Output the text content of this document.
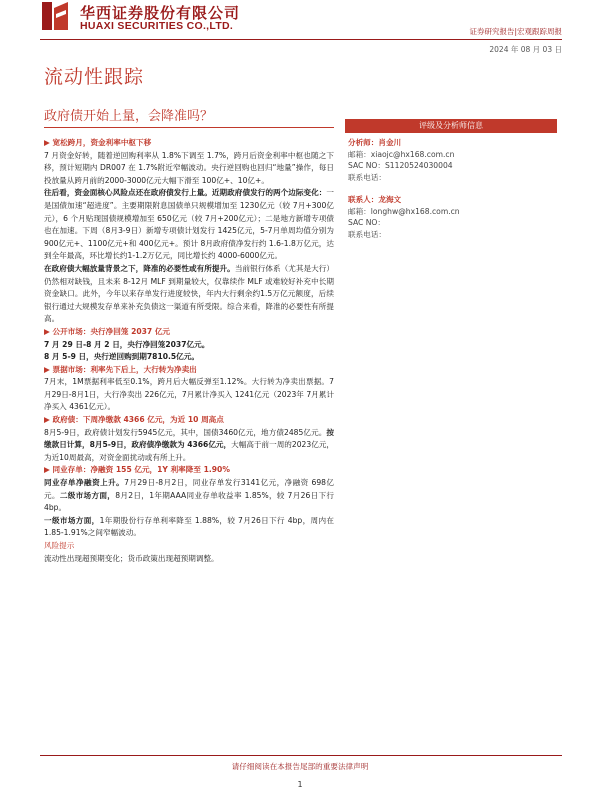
华西证券股份有限公司
HUAXI SECURITIES CO.,LTD.	证券研究报告|宏观跟踪周报
2024 年 08 月 03 日
流动性跟踪
政府债开始上量，会降准吗？

▶ 宽松跨月，资金利率中枢下移

7 月资金好转，随着逆回购利率从 1.8%下调至 1.7%，跨月后资金利率中枢也随之下移，预计短期内 DR007 在 1.7%附近窄幅波动。央行逆回购也回归“地量”操作，每日投放量从跨月前的2000-3000亿元大幅下滑至 100亿+、10亿+。

往后看，资金面核心风险点还在政府债发行上量。近期政府债发行的两个边际变化：一是国债加速“超进度”。主要期限附息国债单只规模增加至 1230亿元（较 7月+300亿元），6 个月贴现国债规模增加至 650亿元（较 7月+200亿元）；二是地方新增专项债也在加速。下周（8月3-9日）新增专项债计划发行 1425亿元，5-7月单周均值分别为 900亿元+、1100亿元+和 400亿元+。预计 8月政府债净发行约 1.6-1.8万亿元，达到全年最高，环比增长约1-1.2万亿元，同比增长约 4000-6000亿元。

在政府债大幅放量背景之下，降准的必要性或有所提升。当前银行体系（尤其是大行）仍然相对缺钱，且未来 8-12月 MLF 到期量较大，仅靠续作 MLF 或难较好补充中长期资金缺口。此外，今年以来存单发行进度较快，年内大行剩余约1.5万亿元额度，后续银行通过大规模发存单来补充负债这一渠道有所受限。综合来看，降准的必要性有所提高。

▶ 公开市场：央行净回笼 2037 亿元

7 月 29 日-8 月 2 日，央行净回笼2037亿元。

8 月 5-9 日，央行逆回购到期7810.5亿元。

▶ 票据市场：利率先下后上，大行转为净卖出

7月末，1M票据利率低至0.1%，跨月后大幅反弹至1.12%。大行转为净卖出票据。7月29日-8月1日，大行净卖出 226亿元，7月累计净买入 1241亿元（2023年 7月累计净买入 4361亿元）。

▶ 政府债：下周净缴款 4366 亿元，为近 10 周高点

8月5-9日，政府债计划发行5945亿元，其中，国债3460亿元，地方债2485亿元。按缴款日计算，8月5-9日，政府债净缴款为 4366亿元，大幅高于前一周的2023亿元，为近10周最高，对资金面扰动或有所上升。

▶ 同业存单：净融资 155 亿元，1Y 利率降至 1.90%

同业存单净融资上升。7月29日-8月2日，同业存单发行3141亿元，净融资 698亿元。二级市场方面，8月2日，1年期AAA同业存单收益率 1.85%，较 7月26日下行 4bp。

一级市场方面，1年期股份行存单利率降至 1.88%，较 7月26日下行 4bp，周内在 1.85-1.91%之间窄幅波动。

风险提示

流动性出现超预期变化；货币政策出现超预期调整。

评级及分析师信息
分析师：肖金川
邮箱：xiaojc@hx168.com.cn
SAC NO：S1120524030004
联系电话：
联系人：龙海文
邮箱：longhw@hx168.com.cn
SAC NO：
联系电话：
请仔细阅读在本报告尾部的重要法律声明
1
